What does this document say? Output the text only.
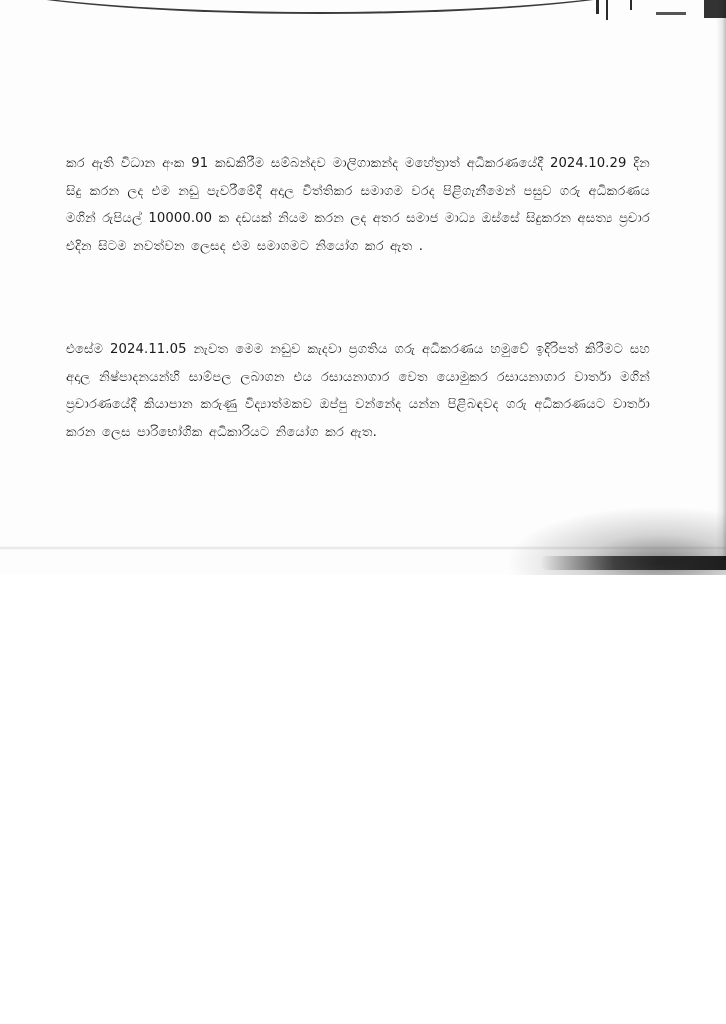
කර ඇති විධාන අංක 91 කඩකිරීම සම්බන්දව මාලිගාකන්ද මහේත්‍රාත් අධිකරණයේදී 2024.10.29 දින සිදු කරන ලද එම නඩු පැවරීමේදී අදාල විත්තිකර සමාගම වරද පිළිගැනීමෙන් පසුව ගරු අධිකරණය මගින් රුපියල් 10000.00 ක දඩයක් නියම කරන ලද අතර සමාජ මාධ්‍ය ඔස්සේ සිදුකරන අසත්‍ය ප්‍රචාර එදින සිටම නවත්වන ලෙසද එම සමාගමට නියෝග කර ඇත .

එසේම 2024.11.05 නැවත මෙම නඩුව කැදවා ප්‍රගතිය ගරු අධිකරණය හමුවේ ඉදිරිපත් කිරීමට සහ අදාල නිෂ්පාදනයන්හි සාම්පල ලබාගන එය රසායනාගාර වෙත යොමුකර රසායනාගාර වාර්තා මගින් ප්‍රචාරණයේදී කියාපාන කරුණු විද්‍යාත්මකව ඔප්පු වන්නේද යන්න පිළිබඳවද ගරු අධිකරණයට වාර්තා කරන ලෙස පාරිභෝගික අධිකාරියට නියෝග කර ඇත.
